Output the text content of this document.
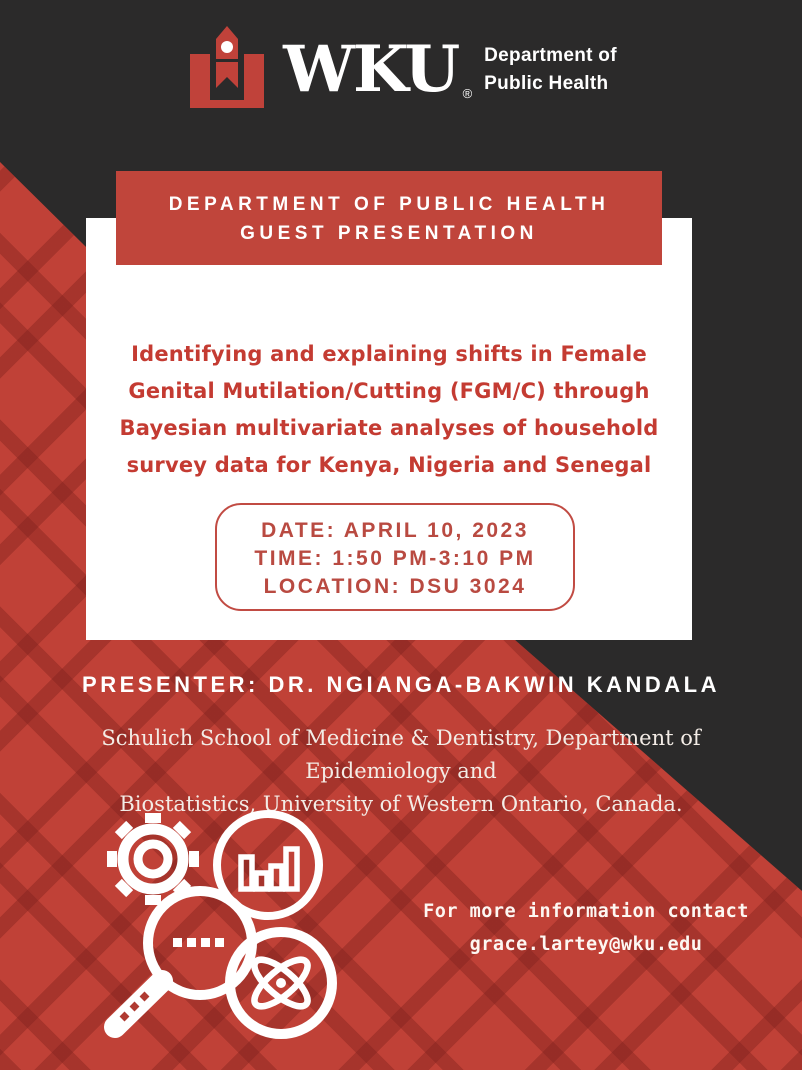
WKU ®
Department of
Public Health
DEPARTMENT OF PUBLIC HEALTH
GUEST PRESENTATION
Identifying and explaining shifts in Female
Genital Mutilation/Cutting (FGM/C) through
Bayesian multivariate analyses of household
survey data for Kenya, Nigeria and Senegal
DATE: APRIL 10, 2023
TIME: 1:50 PM-3:10 PM
LOCATION: DSU 3024
PRESENTER: DR. NGIANGA-BAKWIN KANDALA
Schulich School of Medicine & Dentistry, Department of Epidemiology and
Biostatistics, University of Western Ontario, Canada.
For more information contact
grace.lartey@wku.edu
